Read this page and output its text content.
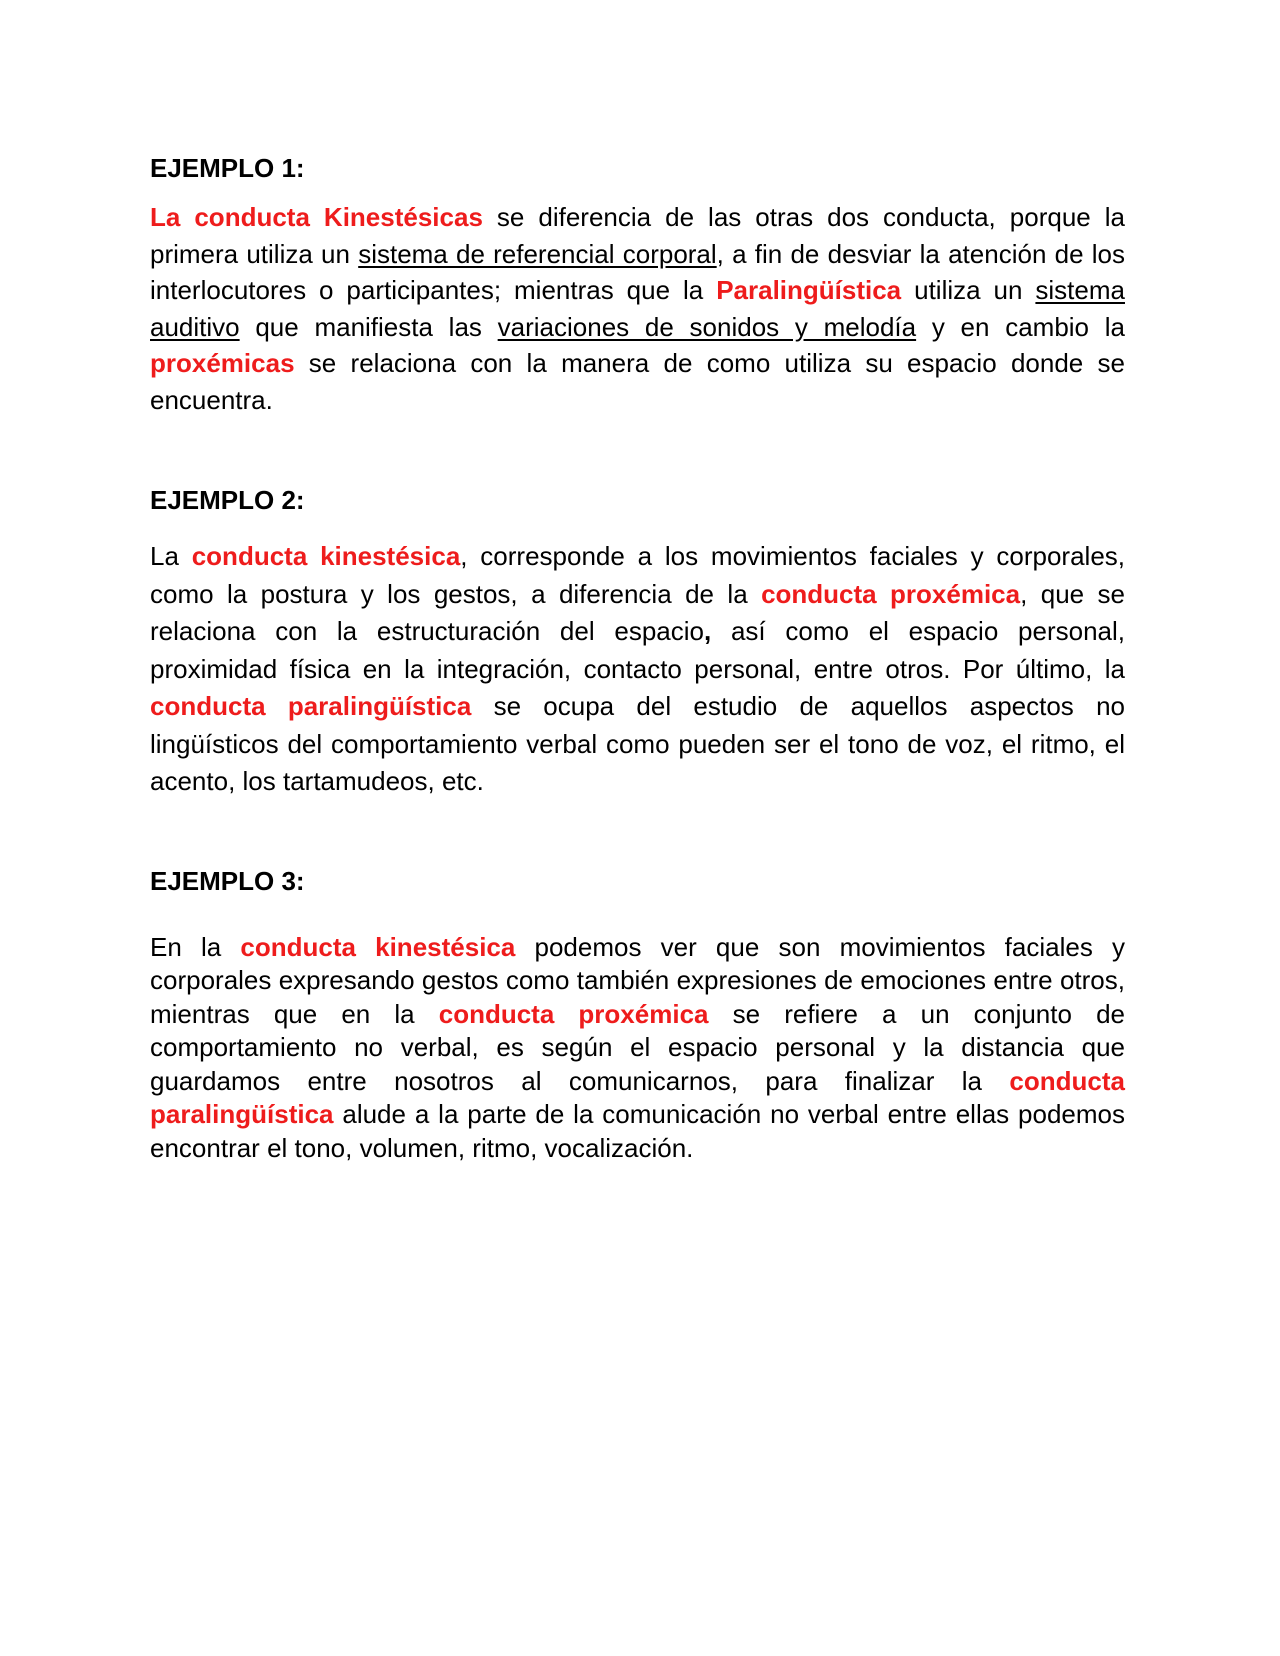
EJEMPLO 1:

La conducta Kinestésicas se diferencia de las otras dos conducta, porque la primera utiliza un sistema de referencial corporal, a fin de desviar la atención de los interlocutores o participantes; mientras que la Paralingüística utiliza un sistema auditivo que manifiesta las variaciones de sonidos y melodía y en cambio la proxémicas se relaciona con la manera de como utiliza su espacio donde se encuentra.

EJEMPLO 2:

La conducta kinestésica, corresponde a los movimientos faciales y corporales, como la postura y los gestos, a diferencia de la conducta proxémica, que se relaciona con la estructuración del espacio, así como el espacio personal, proximidad física en la integración, contacto personal, entre otros. Por último, la conducta paralingüística se ocupa del estudio de aquellos aspectos no lingüísticos del comportamiento verbal como pueden ser el tono de voz, el ritmo, el acento, los tartamudeos, etc.

EJEMPLO 3:

En la conducta kinestésica podemos ver que son movimientos faciales y corporales expresando gestos como también expresiones de emociones entre otros, mientras que en la conducta proxémica se refiere a un conjunto de comportamiento no verbal, es según el espacio personal y la distancia que guardamos entre nosotros al comunicarnos, para finalizar la conducta paralingüística alude a la parte de la comunicación no verbal entre ellas podemos encontrar el tono, volumen, ritmo, vocalización.
